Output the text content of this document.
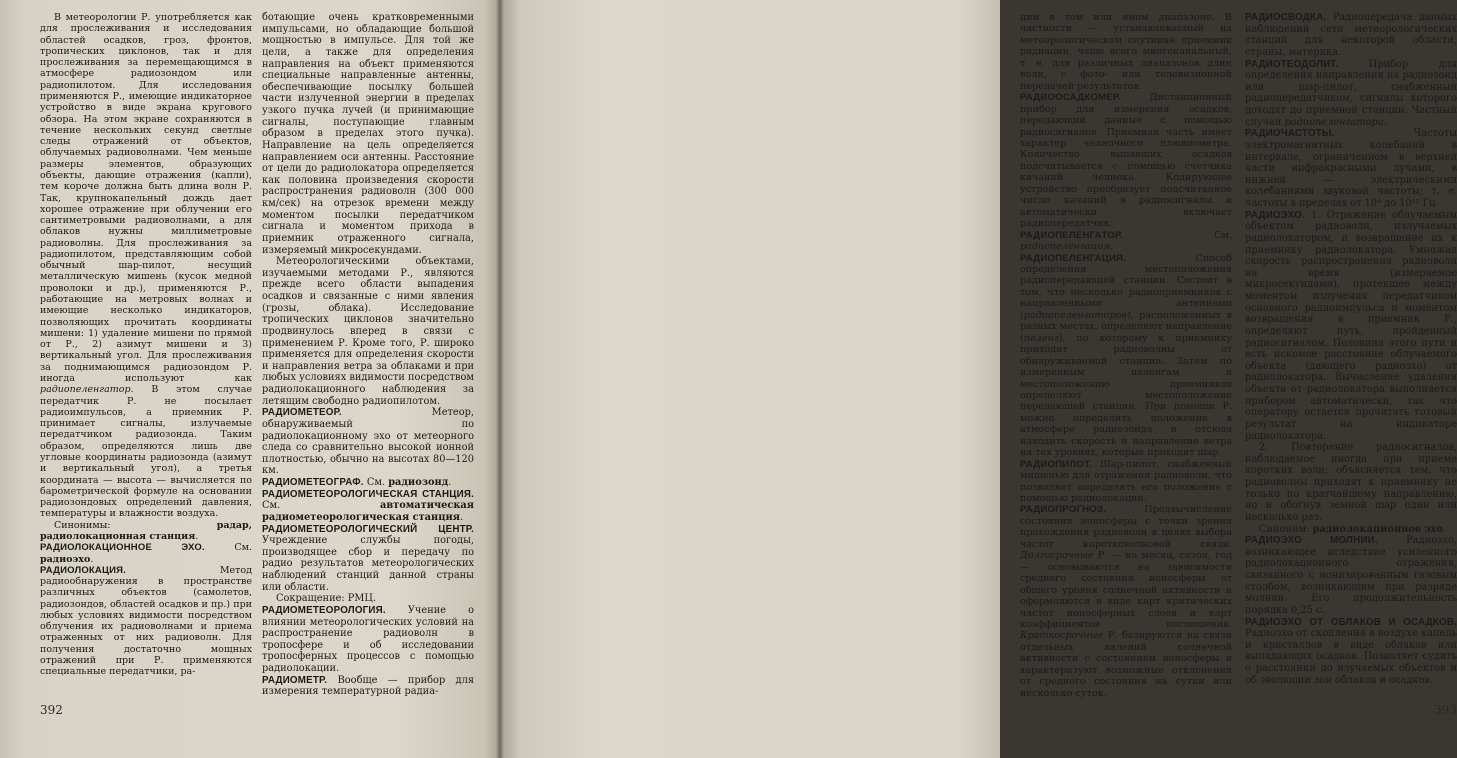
В метеорологии Р. употребляется как для прослеживания и исследования областей осадков, гроз, фронтов, тропических циклонов, так и для прослеживания за перемещающимся в атмосфере радиозондом или радиопилотом. Для исследования применяются Р., имеющие индикаторное устройство в виде экрана кругового обзора. На этом экране сохраняются в течение нескольких секунд светлые следы отражений от объектов, облучаемых радиоволнами. Чем меньше размеры элементов, образующих объекты, дающие отражения (капли), тем короче должна быть длина волн Р. Так, крупнокапельный дождь дает хорошее отражение при облучении его сантиметровыми радиоволнами, а для облаков нужны миллиметровые радиоволны. Для прослеживания за радиопилотом, представляющим собой обычный шар-пилот, несущий металлическую мишень (кусок медной проволоки и др.), применяются Р., работающие на метровых волнах и имеющие несколько индикаторов, позволяющих прочитать координаты мишени: 1) удаление мишени по прямой от Р., 2) азимут мишени и 3) вертикальный угол. Для прослеживания за поднимающимся радиозондом Р. иногда используют как радиопеленгатор. В этом случае передатчик Р. не посылает радиоимпульсов, а приемник Р. принимает сигналы, излучаемые передатчиком радиозонда. Таким образом, определяются лишь две угловые координаты радиозонда (азимут и вертикальный угол), а третья координата — высота — вычисляется по барометрической формуле на основании радиозондовых определений давления, температуры и влажности воздуха.

Синонимы: радар, радиолокационная станция.

РАДИОЛОКАЦИОННОЕ ЭХО. См. радиоэхо.

РАДИОЛОКАЦИЯ. Метод радиообнаружения в пространстве различных объектов (самолетов, радиозондов, областей осадков и пр.) при любых условиях видимости посредством облучения их радиоволнами и приема отраженных от них радиоволн. Для получения достаточно мощных отражений при Р. применяются специальные передатчики, ра-

ботающие очень кратковременными импульсами, но обладающие большой мощностью в импульсе. Для той же цели, а также для определения направления на объект применяются специальные направленные антенны, обеспечивающие посылку большей части излученной энергии в пределах узкого пучка лучей (и принимающие сигналы, поступающие главным образом в пределах этого пучка). Направление на цель определяется направлением оси антенны. Расстояние от цели до радиолокатора определяется как половина произведения скорости распространения радиоволн (300 000 км/сек) на отрезок времени между моментом посылки передатчиком сигнала и моментом прихода в приемник отраженного сигнала, измеряемый микросекундами.

Метеорологическими объектами, изучаемыми методами Р., являются прежде всего области выпадения осадков и связанные с ними явления (грозы, облака). Исследование тропических циклонов значительно продвинулось вперед в связи с применением Р. Кроме того, Р. широко применяется для определения скорости и направления ветра за облаками и при любых условиях видимости посредством радиолокационного наблюдения за летящим свободно радиопилотом.

РАДИОМЕТЕОР. Метеор, обнаруживаемый по радиолокационному эхо от метеорного следа со сравнительно высокой ионной плотностью, обычно на высотах 80—120 км.

РАДИОМЕТЕОГРАФ. См. радиозонд.

РАДИОМЕТЕОРОЛОГИЧЕСКАЯ СТАНЦИЯ. См. автоматическая радиометеорологическая станция.

РАДИОМЕТЕОРОЛОГИЧЕСКИЙ ЦЕНТР. Учреждение службы погоды, производящее сбор и передачу по радио результатов метеорологических наблюдений станций данной страны или области.

Сокращение: РМЦ.

РАДИОМЕТЕОРОЛОГИЯ. Учение о влиянии метеорологических условий на распространение радиоволн в тропосфере и об исследовании тропосферных процессов с помощью радиолокации.

РАДИОМЕТР. Вообще — прибор для измерения температурной радиа-

392

ции в том или ином диапазоне. В частности — устанавливаемый на метеорологическом спутнике приемник радиации, чаще всего многоканальный, т. е. для различных диапазонов длин волн, с фото- или телевизионной передачей результатов.

РАДИООСАДКОМЕР. Дистанционный прибор для измерения осадков, передающий данные с помощью радиосигналов. Приемная часть имеет характер челночного плювиометра. Количество выпавших осадков подсчитывается с помощью счетчика качаний челнока. Кодирующее устройство преобразует подсчитанное число качаний в радиосигналы и автоматически включает радиопередатчик.

РАДИОПЕЛЕНГАТОР. См. радиопеленгация.

РАДИОПЕЛЕНГАЦИЯ. Способ определения местоположения радиопередающей станции. Состоит в том, что несколько радиоприемников с направленными антеннами (радиопеленгаторов), расположенных в разных местах, определяют направление (пеленг), по которому к приемнику приходят радиоволны от обнаруживаемой станции. Затем по измеренным пеленгам и местоположению приемников определяют местоположение передающей станции. При помощи Р. можно определить положение в атмосфере радиозонда и отсюда находить скорость и направление ветра на тех уровнях, которые проходит шар.

РАДИОПИЛОТ. Шар-пилот, снабженный мишенью для отражения радиоволн, что позволяет определять его положение с помощью радиолокации.

РАДИОПРОГНОЗ. Предвычисление состояния ионосферы с точки зрения прохождения радиоволн в целях выбора частот коротковолновой связи. Долгосрочные Р. — на месяц, сезон, год — основываются на зависимости среднего состояния ионосферы от общего уровня солнечной активности и оформляются в виде карт критических частот ионосферных слоев и карт коэффициентов поглощения. Краткосрочные Р. базируются на связи отдельных явлений солнечной активности с состоянием ионосферы и характеризуют возможные отклонения от среднего состояния на сутки или несколько суток.

РАДИОСВОДКА. Радиопередача данных наблюдений сети метеорологических станций для некоторой области, страны, материка.

РАДИОТЕОДОЛИТ. Прибор для определения направления на радиозонд или шар-пилот, снабженный радиопередатчиком, сигналы которого доходят до приемной станции. Частный случай радиопеленгатора.

РАДИОЧАСТОТЫ. Частоты электромагнитных колебаний в интервале, ограниченном в верхней части инфракрасными лучами, в нижней — электрическими колебаниями звуковой частоты; т. е. частоты в пределах от 10⁴ до 10¹² Гц.

РАДИОЭХО. 1. Отражение облучаемым объектом радиоволн, излучаемых радиолокатором, и возвращение их к приемнику радиолокатора. Умножая скорость распространения радиоволн на время (измеряемое микросекундами), протекшее между моментом излучения передатчиком основного радиоимпульса и моментом возвращения в приемник Р., определяют путь, пройденный радиосигналом. Половина этого пути и есть искомое расстояние облучаемого объекта (дающего радиоэхо) от радиолокатора. Вычисление удаления объекта от радиолокатора выполняется прибором автоматически, так что оператору остается прочитать готовый результат на индикаторе радиолокатора.

2. Повторение радиосигналов, наблюдаемое иногда при приеме коротких волн; объясняется тем, что радиоволны приходят к приемнику не только по кратчайшему направлению, но и обогнув земной шар один или несколько раз.

Синоним: радиолокационное эхо.

РАДИОЭХО МОЛНИИ. Радиоэхо, возникающее вследствие усиленного радиолокационного отражения, связанного с ионизированным газовым столбом, возникающим при разряде молнии. Его продолжительность порядка 0,25 с.

РАДИОЭХО ОТ ОБЛАКОВ И ОСАДКОВ. Радиоэхо от скопления в воздухе капель и кристаллов в виде облаков или выпадающих осадков. Позволяет судить о расстоянии до изучаемых объектов и об эволюции зон облаков и осадков.

393
